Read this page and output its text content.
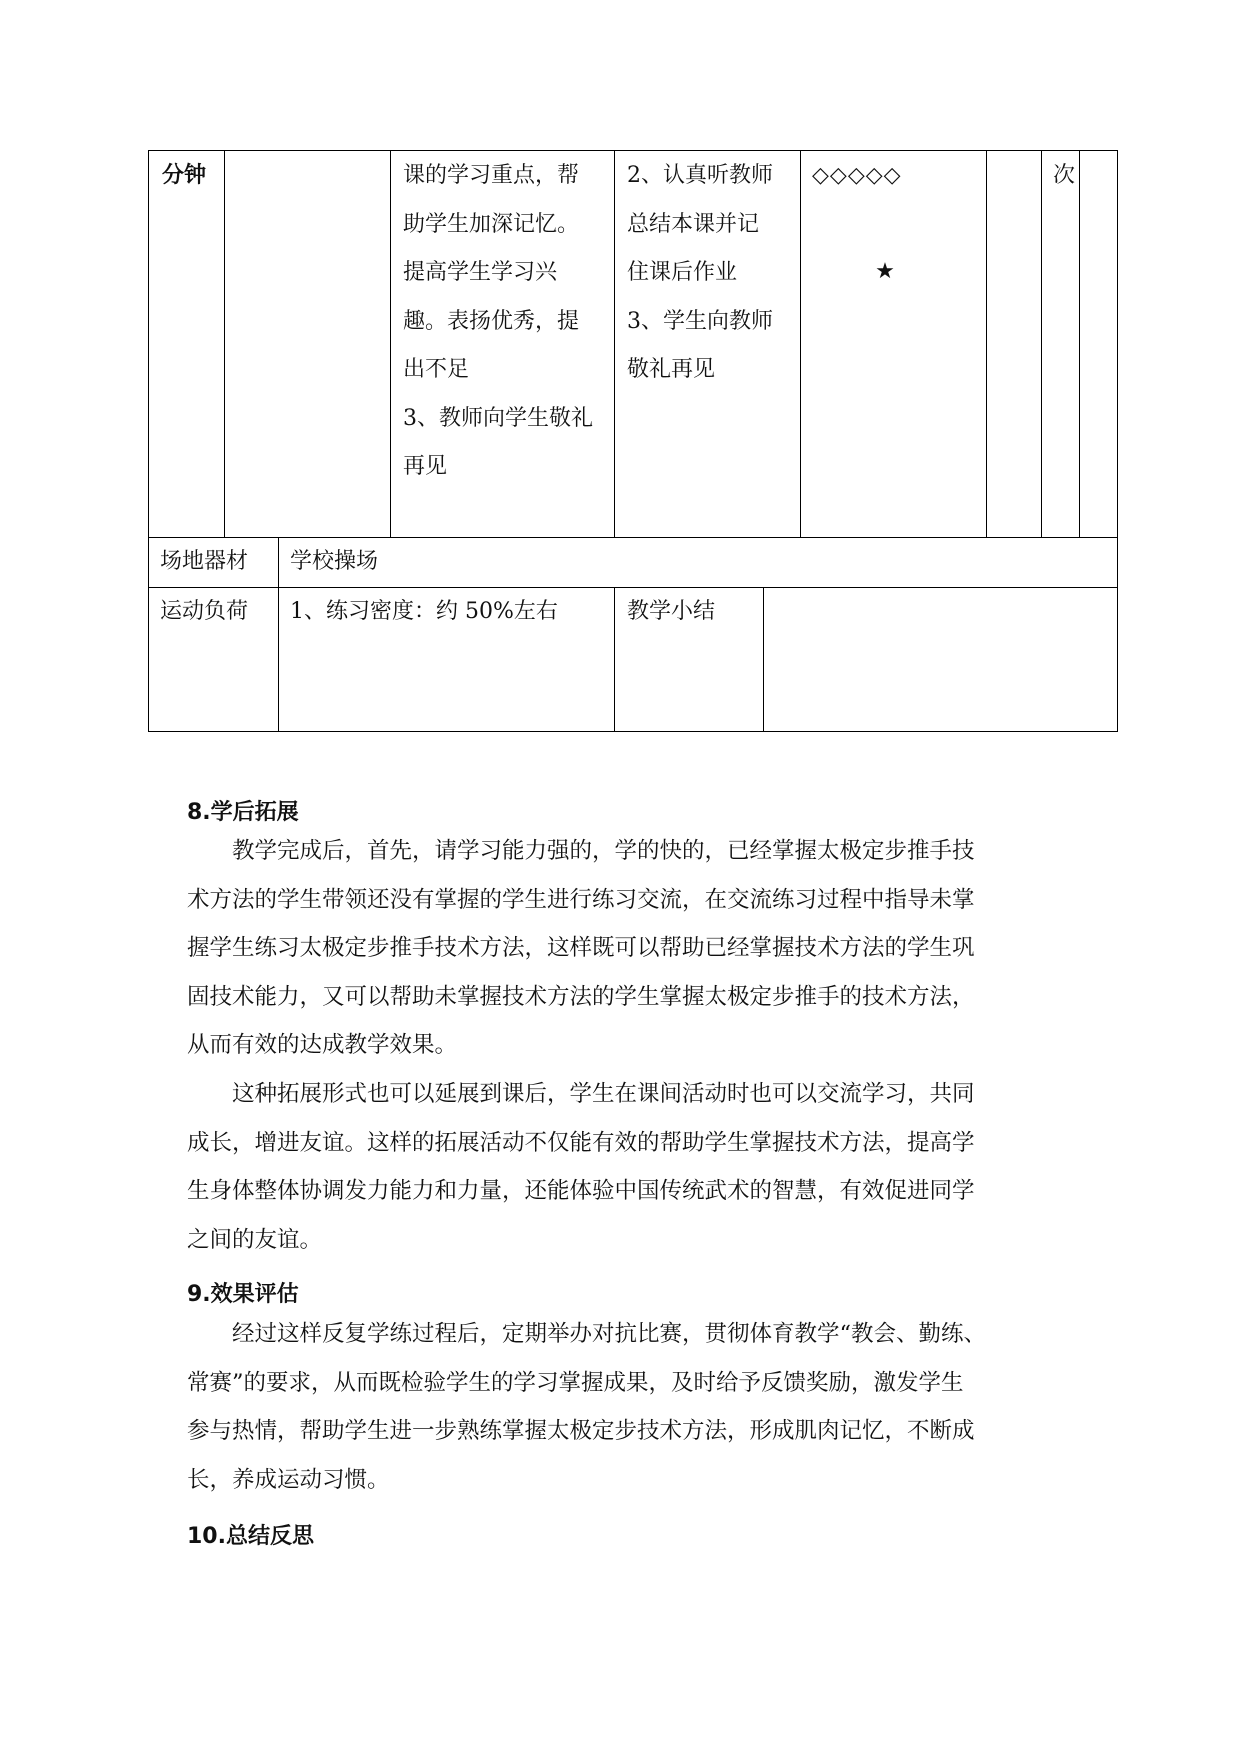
分钟	课的学习重点，帮
助学生加深记忆。
提高学生学习兴
趣。表扬优秀，提
出不足
3、教师向学生敬礼
再见
2、认真听教师
总结本课并记
住课后作业
3、学生向教师
敬礼再见
◇◇◇◇◇
★
次
场地器材 学校操场
运动负荷 1、练习密度：约 50%左右	教学小结
8.学后拓展
　　教学完成后，首先，请学习能力强的，学的快的，已经掌握太极定步推手技
术方法的学生带领还没有掌握的学生进行练习交流，在交流练习过程中指导未掌
握学生练习太极定步推手技术方法，这样既可以帮助已经掌握技术方法的学生巩
固技术能力，又可以帮助未掌握技术方法的学生掌握太极定步推手的技术方法，
从而有效的达成教学效果。
　　这种拓展形式也可以延展到课后，学生在课间活动时也可以交流学习，共同
成长，增进友谊。这样的拓展活动不仅能有效的帮助学生掌握技术方法，提高学
生身体整体协调发力能力和力量，还能体验中国传统武术的智慧，有效促进同学
之间的友谊。
9.效果评估
　　经过这样反复学练过程后，定期举办对抗比赛，贯彻体育教学“教会、勤练、
常赛”的要求，从而既检验学生的学习掌握成果，及时给予反馈奖励，激发学生
参与热情，帮助学生进一步熟练掌握太极定步技术方法，形成肌肉记忆，不断成
长，养成运动习惯。
10.总结反思
